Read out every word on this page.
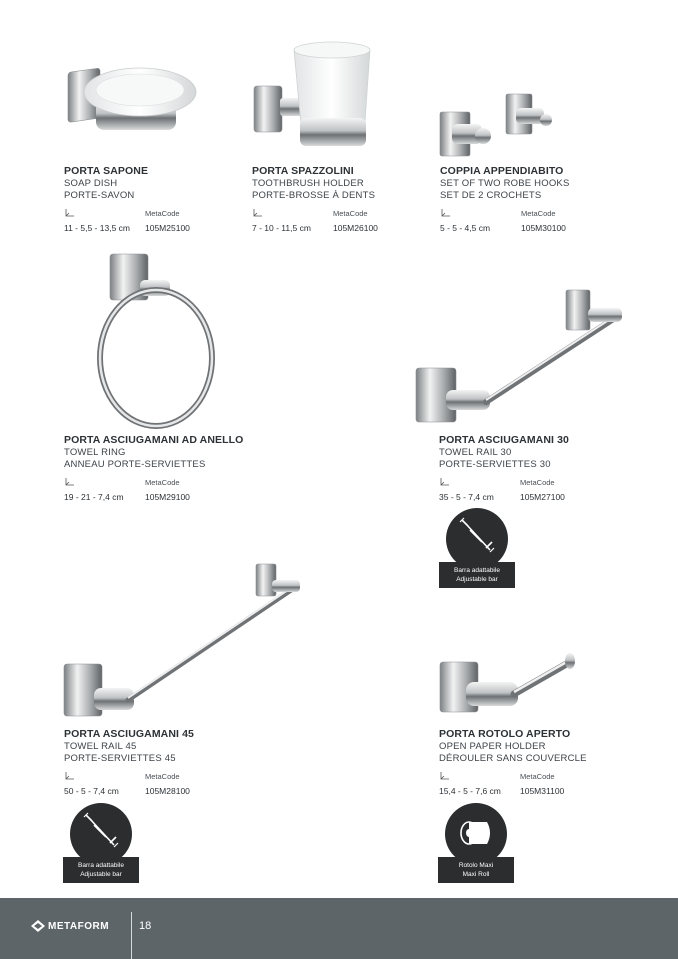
PORTA SAPONE
SOAP DISH
PORTE-SAVON
MetaCode
11 - 5,5 - 13,5 cm 105M25100
PORTA SPAZZOLINI
TOOTHBRUSH HOLDER
PORTE-BROSSE À DENTS
MetaCode
7 - 10 - 11,5 cm	105M26100
COPPIA APPENDIABITO
SET OF TWO ROBE HOOKS
SET DE 2 CROCHETS
MetaCode
5 - 5 - 4,5 cm	105M30100
PORTA ASCIUGAMANI AD ANELLO
TOWEL RING
ANNEAU PORTE-SERVIETTES
MetaCode
19 - 21 - 7,4 cm	105M29100
PORTA ASCIUGAMANI 30
TOWEL RAIL 30
PORTE-SERVIETTES 30
MetaCode
35 - 5 - 7,4 cm	105M27100
PORTA ASCIUGAMANI 45
TOWEL RAIL 45
PORTE-SERVIETTES 45
MetaCode
50 - 5 - 7,4 cm	105M28100
PORTA ROTOLO APERTO
OPEN PAPER HOLDER
DÉROULER SANS COUVERCLE
MetaCode
15,4 - 5 - 7,6 cm 105M31100
Barra adattabile
Adjustable bar
Barra adattabile
Adjustable bar
Rotolo Maxi
Maxi Roll
METAFORM	18
